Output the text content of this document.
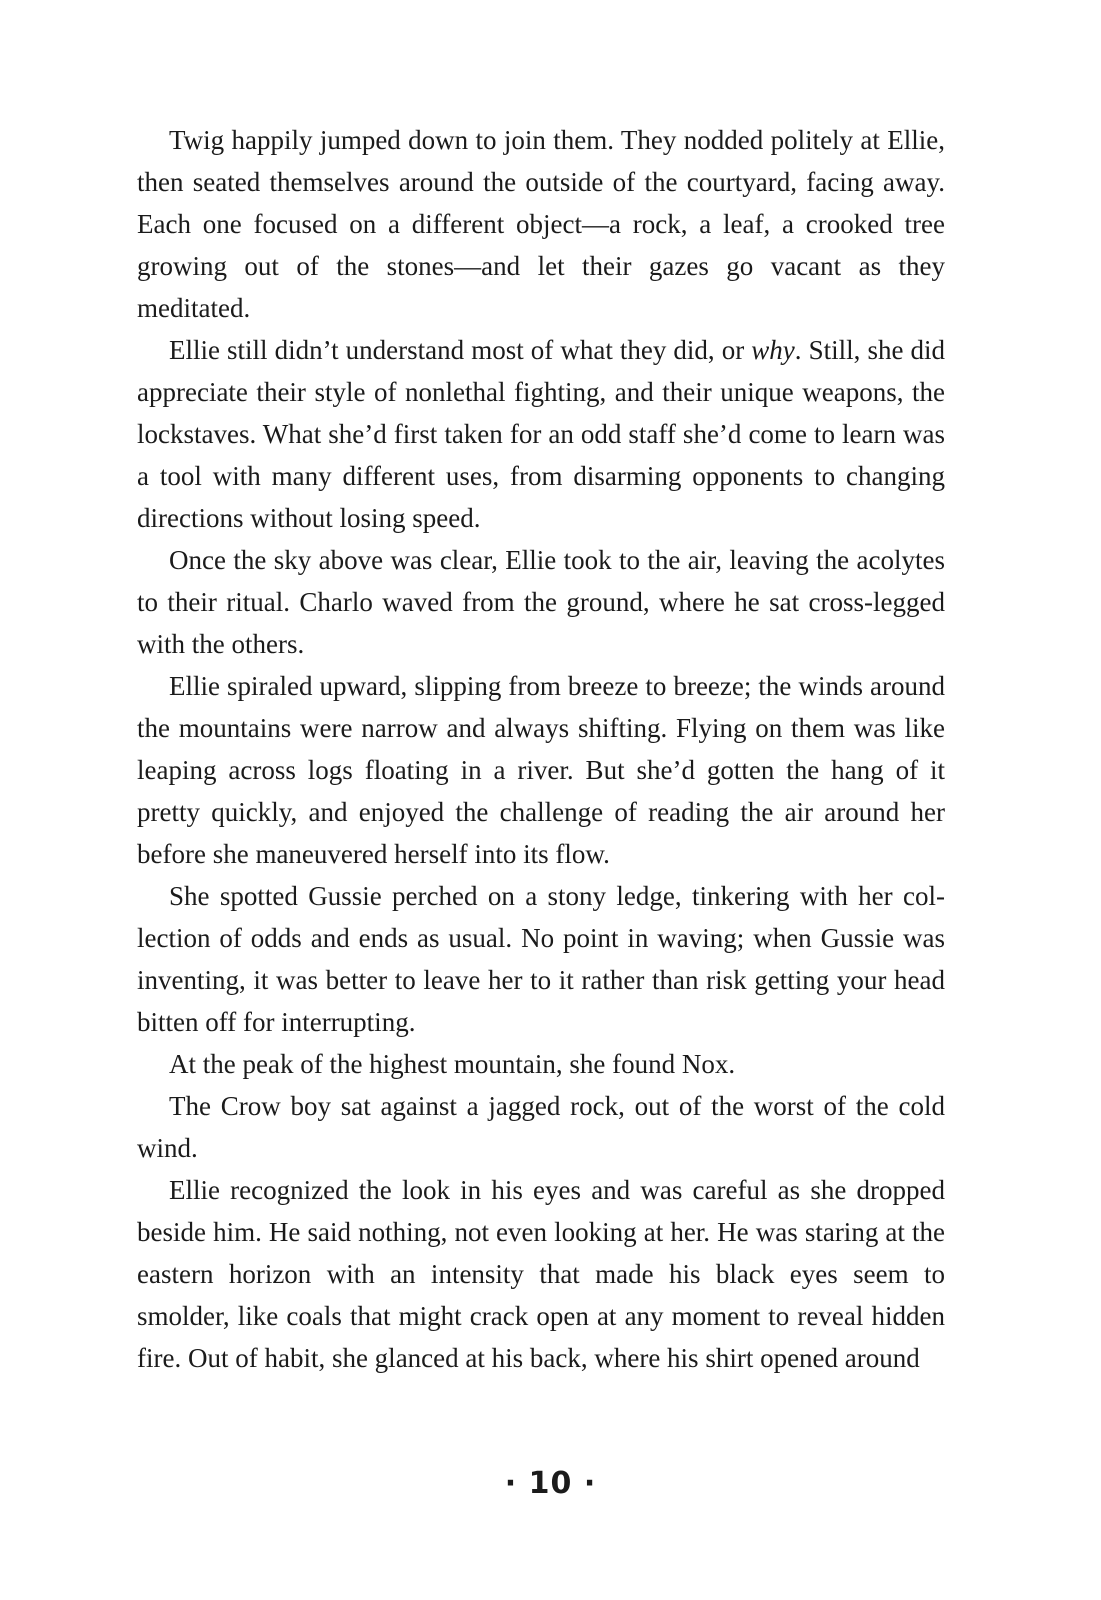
Twig happily jumped down to join them. They nodded politely at Ellie, then seated themselves around the outside of the courtyard, facing away. Each one focused on a different object—a rock, a leaf, a crooked tree growing out of the stones—and let their gazes go vacant as they meditated.

Ellie still didn’t understand most of what they did, or why. Still, she did appreciate their style of nonlethal fighting, and their unique weapons, the lockstaves. What she’d first taken for an odd staff she’d come to learn was a tool with many different uses, from disarming opponents to changing directions without losing speed.

Once the sky above was clear, Ellie took to the air, leaving the acolytes to their ritual. Charlo waved from the ground, where he sat cross-legged with the others.

Ellie spiraled upward, slipping from breeze to breeze; the winds around the mountains were narrow and always shifting. Flying on them was like leaping across logs floating in a river. But she’d gotten the hang of it pretty quickly, and enjoyed the challenge of reading the air around her before she maneuvered herself into its flow.

She spotted Gussie perched on a stony ledge, tinkering with her collection of odds and ends as usual. No point in waving; when Gussie was inventing, it was better to leave her to it rather than risk getting your head bitten off for interrupting.

At the peak of the highest mountain, she found Nox.

The Crow boy sat against a jagged rock, out of the worst of the cold wind.

Ellie recognized the look in his eyes and was careful as she dropped beside him. He said nothing, not even looking at her. He was staring at the eastern horizon with an intensity that made his black eyes seem to smolder, like coals that might crack open at any moment to reveal hidden fire. Out of habit, she glanced at his back, where his shirt opened around

· 10 ·
